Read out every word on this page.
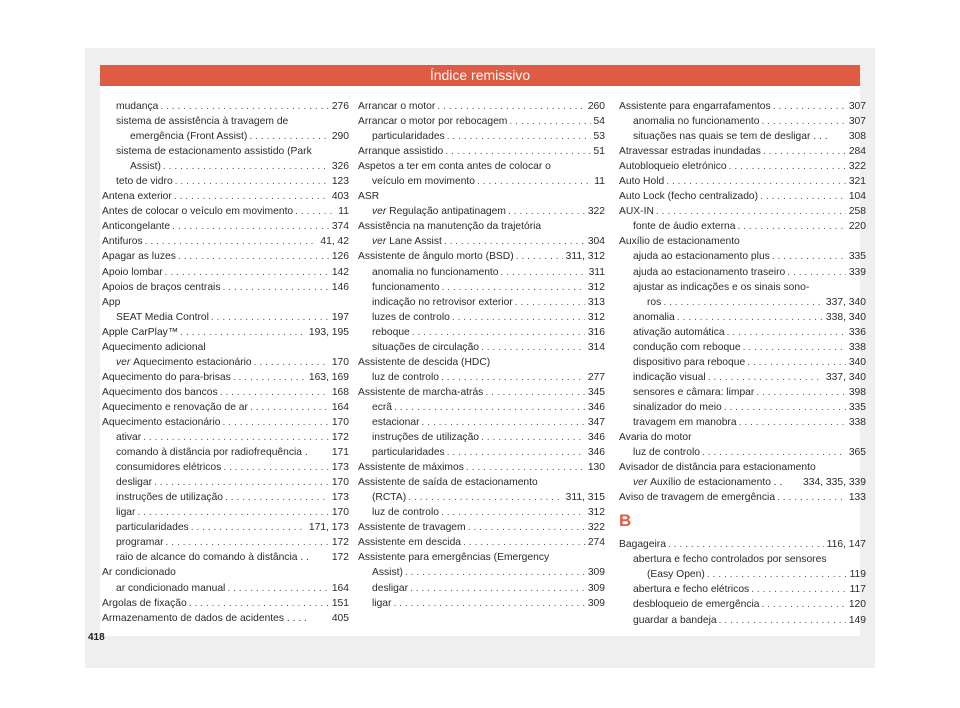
Índice remissivo
mudança . . .	276
sistema de assistência à travagem de
emergência (Front Assist) . . .	290
sistema de estacionamento assistido (Park
Assist) . . .	326
teto de vidro . . .	123
Antena exterior . . .	403
Antes de colocar o veículo em movimento . . .	11
Anticongelante . . .	374
Antifuros . . .	41, 42
Apagar as luzes . . .	126
Apoio lombar . . .	142
Apoios de braços centrais . . .	146
App
SEAT Media Control . . .	197
Apple CarPlay™ . . .	193, 195
Aquecimento adicional
ver Aquecimento estacionário . . .	170
Aquecimento do para-brisas . . .	163, 169
Aquecimento dos bancos . . .	168
Aquecimento e renovação de ar . . .	164
Aquecimento estacionário . . .	170
ativar . . .	172
comando à distância por radiofrequência . 171
consumidores elétricos . . .	173
desligar . . .	170
instruções de utilização . . .	173
ligar . . .	170
particularidades . . .	171, 173
programar . . .	172
raio de alcance do comando à distância . . 172
Ar condicionado
ar condicionado manual . . .	164
Argolas de fixação . . .	151
Armazenamento de dados de acidentes . . . . 405
Arrancar o motor . . .	260
Arrancar o motor por rebocagem . . .	54
particularidades . . .	53
Arranque assistido . . .	51
Aspetos a ter em conta antes de colocar o
veículo em movimento . . .	11
ASR
ver Regulação antipatinagem . . .	322
Assistência na manutenção da trajetória
ver Lane Assist . . .	304
Assistente de ângulo morto (BSD) . . .	311, 312
anomalia no funcionamento . . .	311
funcionamento . . .	312
indicação no retrovisor exterior . . .	313
luzes de controlo . . .	312
reboque . . .	316
situações de circulação . . .	314
Assistente de descida (HDC)
luz de controlo . . .	277
Assistente de marcha-atrás . . .	345
ecrã . . .	346
estacionar . . .	347
instruções de utilização . . .	346
particularidades . . .	346
Assistente de máximos . . .	130
Assistente de saída de estacionamento
(RCTA) . . .	311, 315
luz de controlo . . .	312
Assistente de travagem . . .	322
Assistente em descida . . .	274
Assistente para emergências (Emergency
Assist) . . .	309
desligar . . .	309
ligar . . .	309
Assistente para engarrafamentos . . .	307
anomalia no funcionamento . . .	307
situações nas quais se tem de desligar . . . 308
Atravessar estradas inundadas . . .	284
Autobloqueio eletrónico . . .	322
Auto Hold . . .	321
Auto Lock (fecho centralizado) . . .	104
AUX-IN . . .	258
fonte de áudio externa . . .	220
Auxílio de estacionamento
ajuda ao estacionamento plus . . .	335
ajuda ao estacionamento traseiro . . .	339
ajustar as indicações e os sinais sono-
ros . . .	337, 340
anomalia . . .	338, 340
ativação automática . . .	336
condução com reboque . . .	338
dispositivo para reboque . . .	340
indicação visual . . .	337, 340
sensores e câmara: limpar . . .	398
sinalizador do meio . . .	335
travagem em manobra . . .	338
Avaria do motor
luz de controlo . . .	365
Avisador de distância para estacionamento
ver Auxílio de estacionamento . . 334, 335, 339
Aviso de travagem de emergência . . .	133
B
Bagageira . . .	116, 147
abertura e fecho controlados por sensores
(Easy Open) . . .	119
abertura e fecho elétricos . . .	117
desbloqueio de emergência . . .	120
guardar a bandeja . . .	149
418
